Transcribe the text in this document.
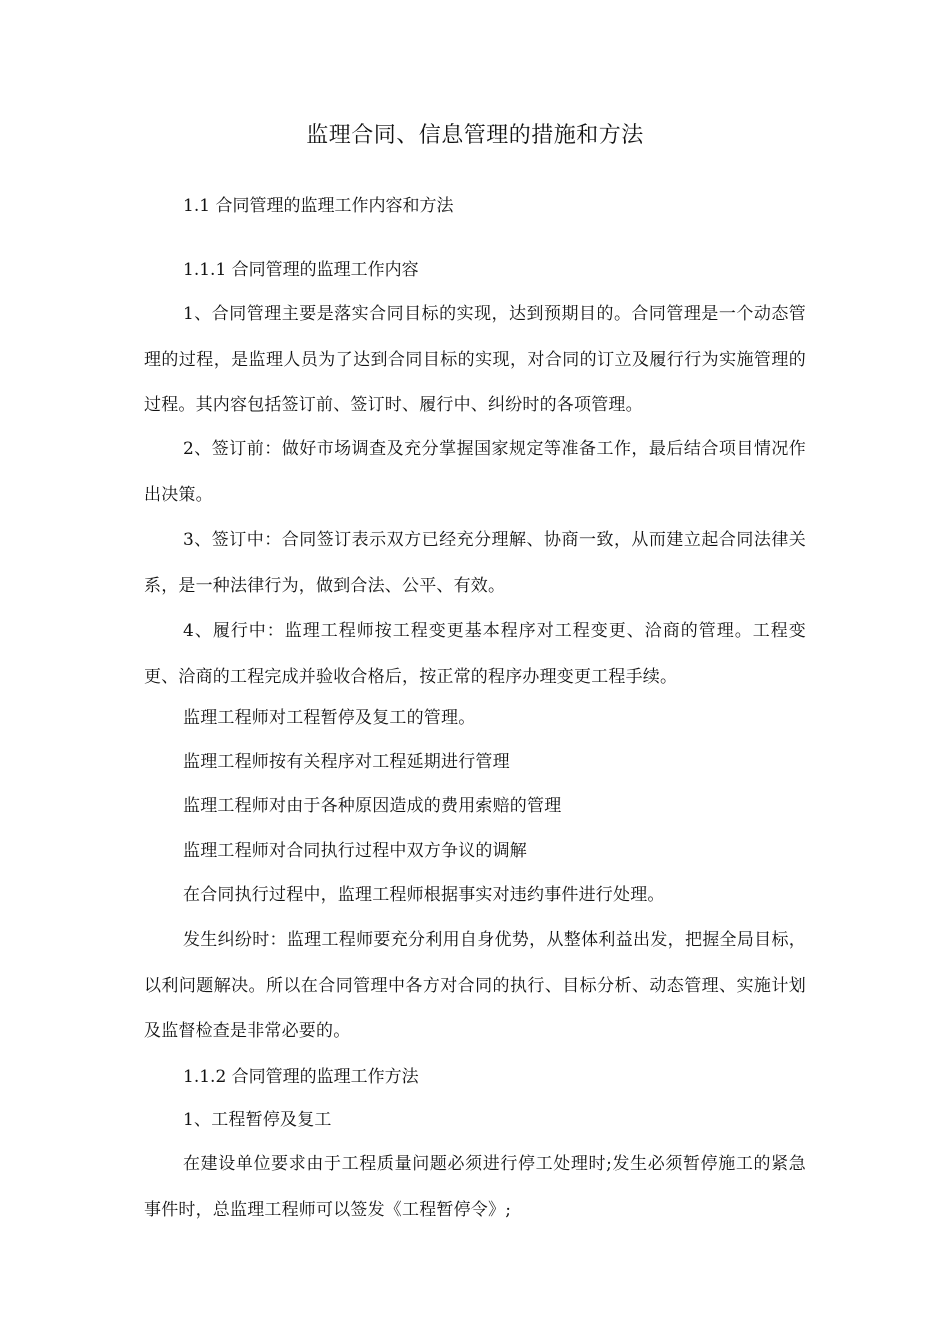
监理合同、信息管理的措施和方法
1.1 合同管理的监理工作内容和方法
1.1.1 合同管理的监理工作内容
1、合同管理主要是落实合同目标的实现，达到预期目的。合同管理是一个动态管理的过程，是监理人员为了达到合同目标的实现，对合同的订立及履行行为实施管理的过程。其内容包括签订前、签订时、履行中、纠纷时的各项管理。
2、签订前：做好市场调查及充分掌握国家规定等准备工作，最后结合项目情况作出决策。
3、签订中：合同签订表示双方已经充分理解、协商一致，从而建立起合同法律关系，是一种法律行为，做到合法、公平、有效。
4、履行中：监理工程师按工程变更基本程序对工程变更、洽商的管理。工程变更、洽商的工程完成并验收合格后，按正常的程序办理变更工程手续。
监理工程师对工程暂停及复工的管理。
监理工程师按有关程序对工程延期进行管理
监理工程师对由于各种原因造成的费用索赔的管理
监理工程师对合同执行过程中双方争议的调解
在合同执行过程中，监理工程师根据事实对违约事件进行处理。
发生纠纷时：监理工程师要充分利用自身优势，从整体利益出发，把握全局目标，以利问题解决。所以在合同管理中各方对合同的执行、目标分析、动态管理、实施计划及监督检查是非常必要的。
1.1.2 合同管理的监理工作方法
1、工程暂停及复工
在建设单位要求由于工程质量问题必须进行停工处理时;发生必须暂停施工的紧急事件时，总监理工程师可以签发《工程暂停令》;
